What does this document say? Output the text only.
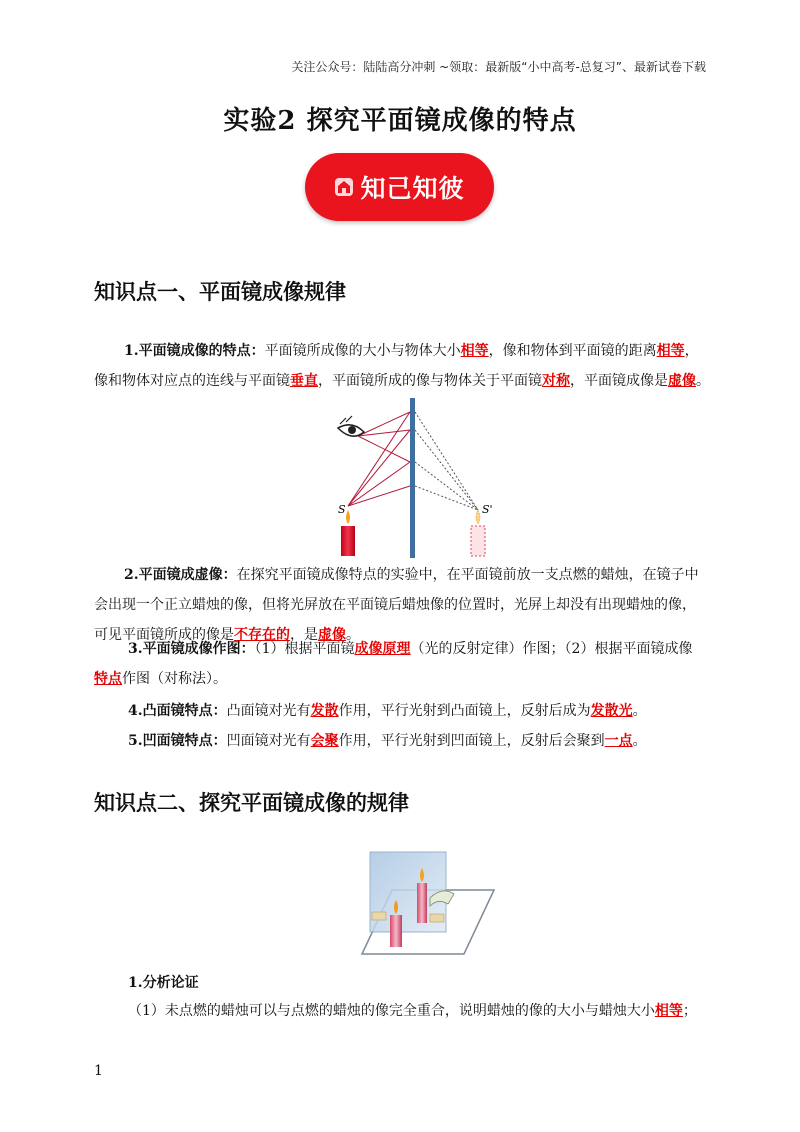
关注公众号：陆陆高分冲刺 ~领取：最新版“小中高考-总复习”、最新试卷下载
实验2 探究平面镜成像的特点
知己知彼
知识点一、平面镜成像规律
1.平面镜成像的特点：平面镜所成像的大小与物体大小相等，像和物体到平面镜的距离相等，
像和物体对应点的连线与平面镜垂直，平面镜所成的像与物体关于平面镜对称，平面镜成像是虚像。
S	S'
2.平面镜成虚像：在探究平面镜成像特点的实验中，在平面镜前放一支点燃的蜡烛，在镜子中
会出现一个正立蜡烛的像，但将光屏放在平面镜后蜡烛像的位置时，光屏上却没有出现蜡烛的像，
可见平面镜所成的像是不存在的，是虚像。
3.平面镜成像作图：（1）根据平面镜成像原理（光的反射定律）作图；（2）根据平面镜成像
特点作图（对称法）。
4.凸面镜特点：凸面镜对光有发散作用，平行光射到凸面镜上，反射后成为发散光。
5.凹面镜特点：凹面镜对光有会聚作用，平行光射到凹面镜上，反射后会聚到一点。
知识点二、探究平面镜成像的规律
1.分析论证
（1）未点燃的蜡烛可以与点燃的蜡烛的像完全重合，说明蜡烛的像的大小与蜡烛大小相等；
1
